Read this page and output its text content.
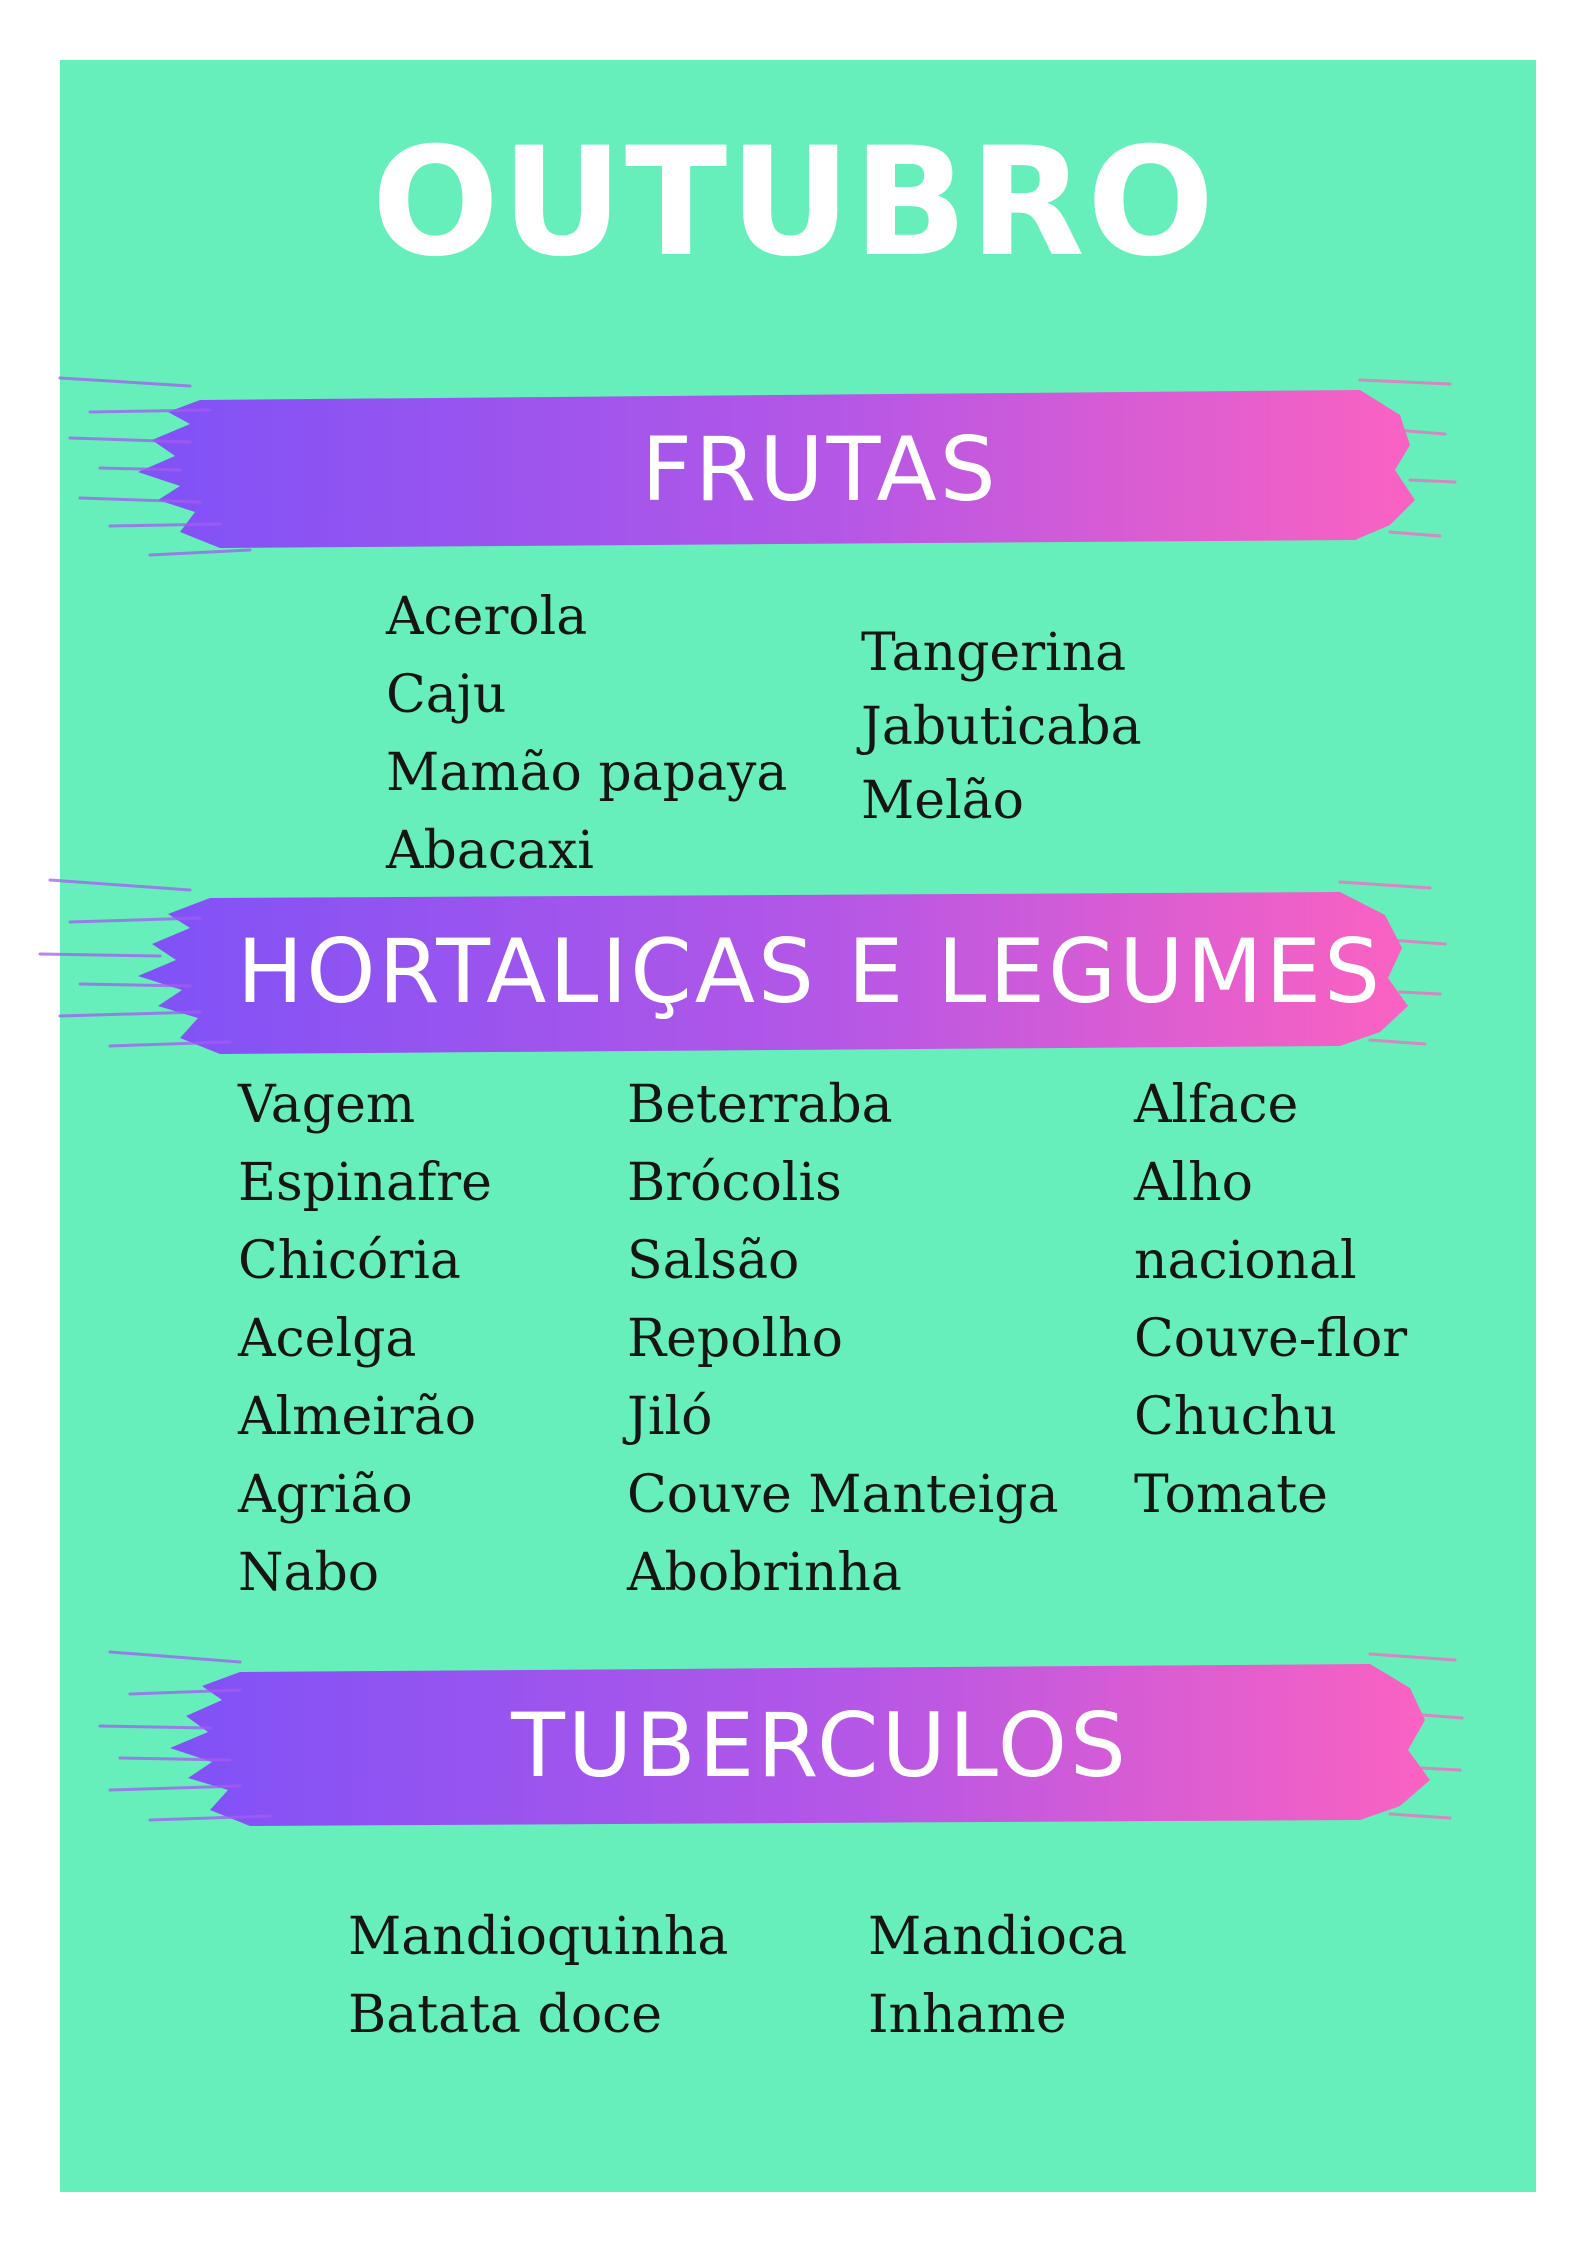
OUTUBRO
FRUTAS
Acerola
Caju
Mamão papaya
Abacaxi
Tangerina
Jabuticaba
Melão
HORTALIÇAS E LEGUMES
Vagem
Espinafre
Chicória
Acelga
Almeirão
Agrião
Nabo
Beterraba
Brócolis
Salsão
Repolho
Jiló
Couve Manteiga
Abobrinha
Alface
Alho
nacional
Couve-flor
Chuchu
Tomate
TUBERCULOS
Mandioquinha
Batata doce
Mandioca
Inhame
